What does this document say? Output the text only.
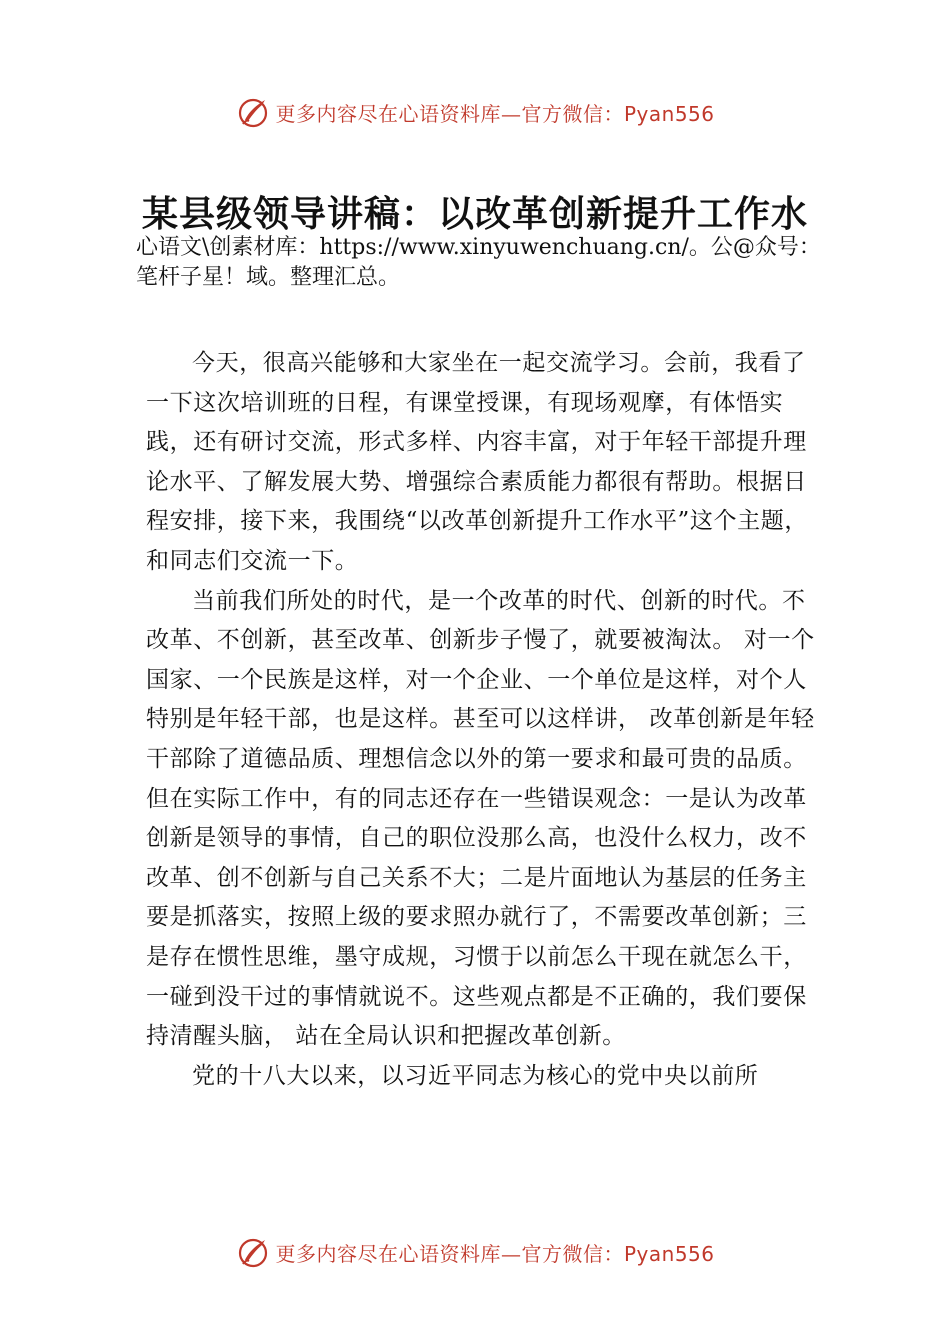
更多内容尽在心语资料库—官方微信：Pyan556
某县级领导讲稿：以改革创新提升工作水
心语文\创素材库：https://www.xinyuwenchuang.cn/。公@众号：笔杆子星！域。整理汇总。

今天，很高兴能够和大家坐在一起交流学习。会前，我看了一下这次培训班的日程，有课堂授课，有现场观摩，有体悟实践，还有研讨交流，形式多样、内容丰富，对于年轻干部提升理论水平、了解发展大势、增强综合素质能力都很有帮助。根据日程安排，接下来，我围绕“以改革创新提升工作水平”这个主题，和同志们交流一下。

当前我们所处的时代，是一个改革的时代、创新的时代。不改革、不创新，甚至改革、创新步子慢了，就要被淘汰。 对一个国家、一个民族是这样，对一个企业、一个单位是这样，对个人特别是年轻干部，也是这样。甚至可以这样讲， 改革创新是年轻干部除了道德品质、理想信念以外的第一要求和最可贵的品质。但在实际工作中，有的同志还存在一些错误观念：一是认为改革创新是领导的事情，自己的职位没那么高，也没什么权力，改不改革、创不创新与自己关系不大；二是片面地认为基层的任务主要是抓落实，按照上级的要求照办就行了，不需要改革创新；三是存在惯性思维，墨守成规，习惯于以前怎么干现在就怎么干，一碰到没干过的事情就说不。这些观点都是不正确的，我们要保持清醒头脑， 站在全局认识和把握改革创新。

党的十八大以来，以习近平同志为核心的党中央以前所

更多内容尽在心语资料库—官方微信：Pyan556
